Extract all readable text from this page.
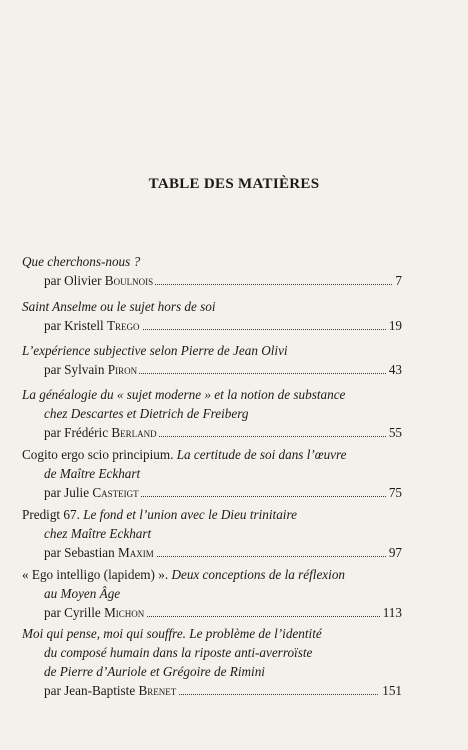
TABLE DES MATIÈRES
Que cherchons-nous ?
par Olivier Boulnois	7
Saint Anselme ou le sujet hors de soi
par Kristell Trego	19
L’expérience subjective selon Pierre de Jean Olivi
par Sylvain Piron	43
La généalogie du « sujet moderne » et la notion de substance
chez Descartes et Dietrich de Freiberg
par Frédéric Berland	55
Cogito ergo scio principium. La certitude de soi dans l’œuvre
de Maître Eckhart
par Julie Casteigt	75
Predigt 67. Le fond et l’union avec le Dieu trinitaire
chez Maître Eckhart
par Sebastian Maxim	97
« Ego intelligo (lapidem) ». Deux conceptions de la réflexion
au Moyen Âge
par Cyrille Michon	113
Moi qui pense, moi qui souffre. Le problème de l’identité
du composé humain dans la riposte anti-averroïste
de Pierre d’Auriole et Grégoire de Rimini
par Jean-Baptiste Brenet	151
